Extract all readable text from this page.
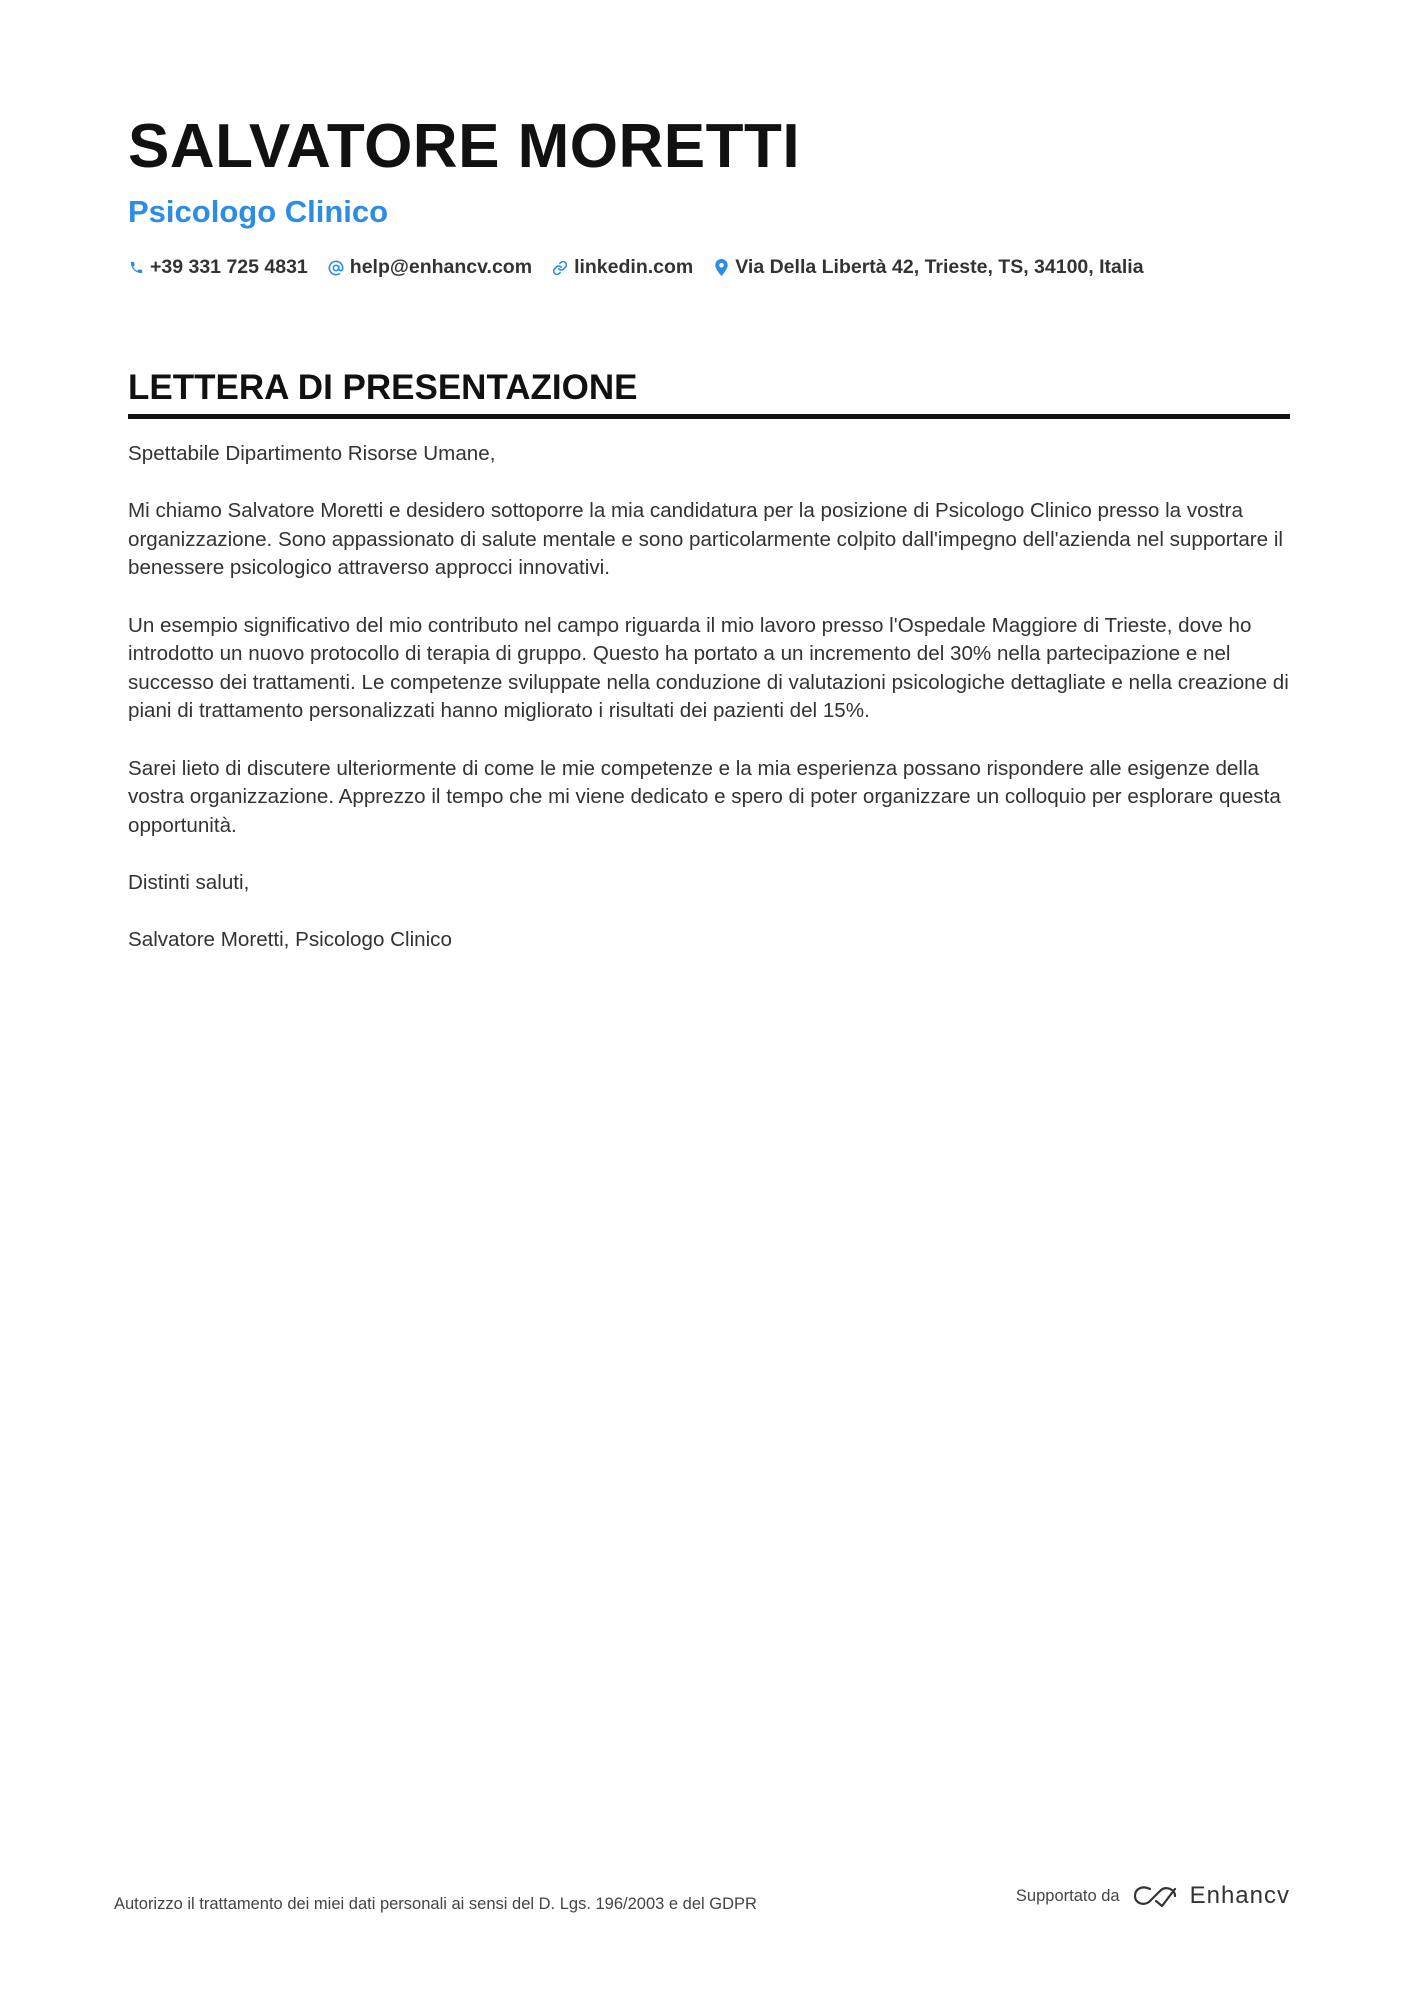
SALVATORE MORETTI
Psicologo Clinico
+39 331 725 4831 help@enhancv.com linkedin.com Via Della Libertà 42, Trieste, TS, 34100, Italia
LETTERA DI PRESENTAZIONE

Spettabile Dipartimento Risorse Umane,

Mi chiamo Salvatore Moretti e desidero sottoporre la mia candidatura per la posizione di Psicologo Clinico presso la vostra organizzazione. Sono appassionato di salute mentale e sono particolarmente colpito dall'impegno dell'azienda nel supportare il benessere psicologico attraverso approcci innovativi.

Un esempio significativo del mio contributo nel campo riguarda il mio lavoro presso l'Ospedale Maggiore di Trieste, dove ho introdotto un nuovo protocollo di terapia di gruppo. Questo ha portato a un incremento del 30% nella partecipazione e nel successo dei trattamenti. Le competenze sviluppate nella conduzione di valutazioni psicologiche dettagliate e nella creazione di piani di trattamento personalizzati hanno migliorato i risultati dei pazienti del 15%.

Sarei lieto di discutere ulteriormente di come le mie competenze e la mia esperienza possano rispondere alle esigenze della vostra organizzazione. Apprezzo il tempo che mi viene dedicato e spero di poter organizzare un colloquio per esplorare questa opportunità.

Distinti saluti,

Salvatore Moretti, Psicologo Clinico

Autorizzo il trattamento dei miei dati personali ai sensi del D. Lgs. 196/2003 e del GDPR	Supportato da	Enhancv
